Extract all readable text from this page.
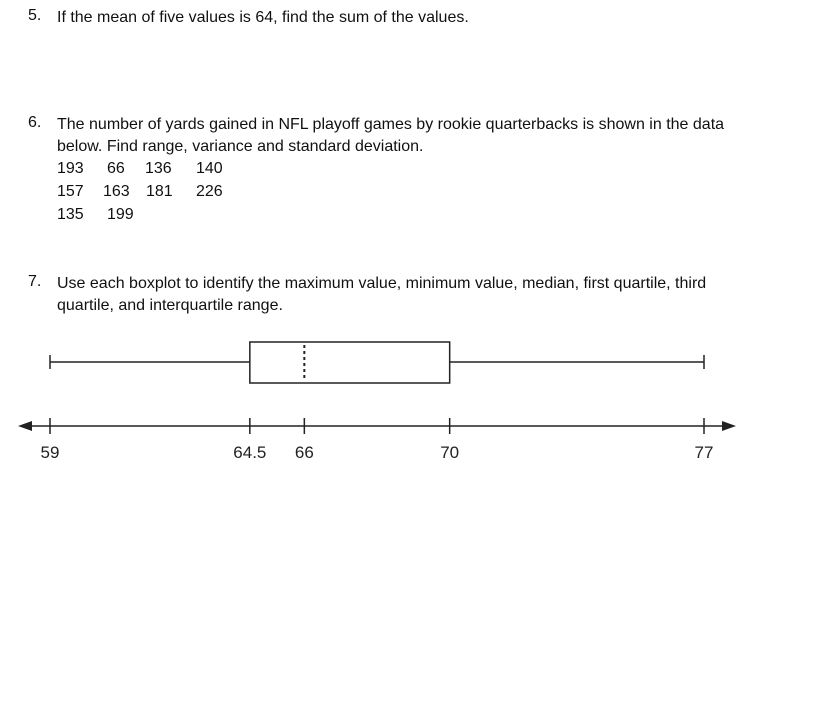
5. If the mean of five values is 64, find the sum of the values.
6. The number of yards gained in NFL playoff games by rookie quarterbacks is shown in the data below. Find range, variance and standard deviation.
193 66 136 140
157 163 181 226
135 199
7. Use each boxplot to identify the maximum value, minimum value, median, first quartile, third quartile, and interquartile range.
59	64.5 66	70	77
